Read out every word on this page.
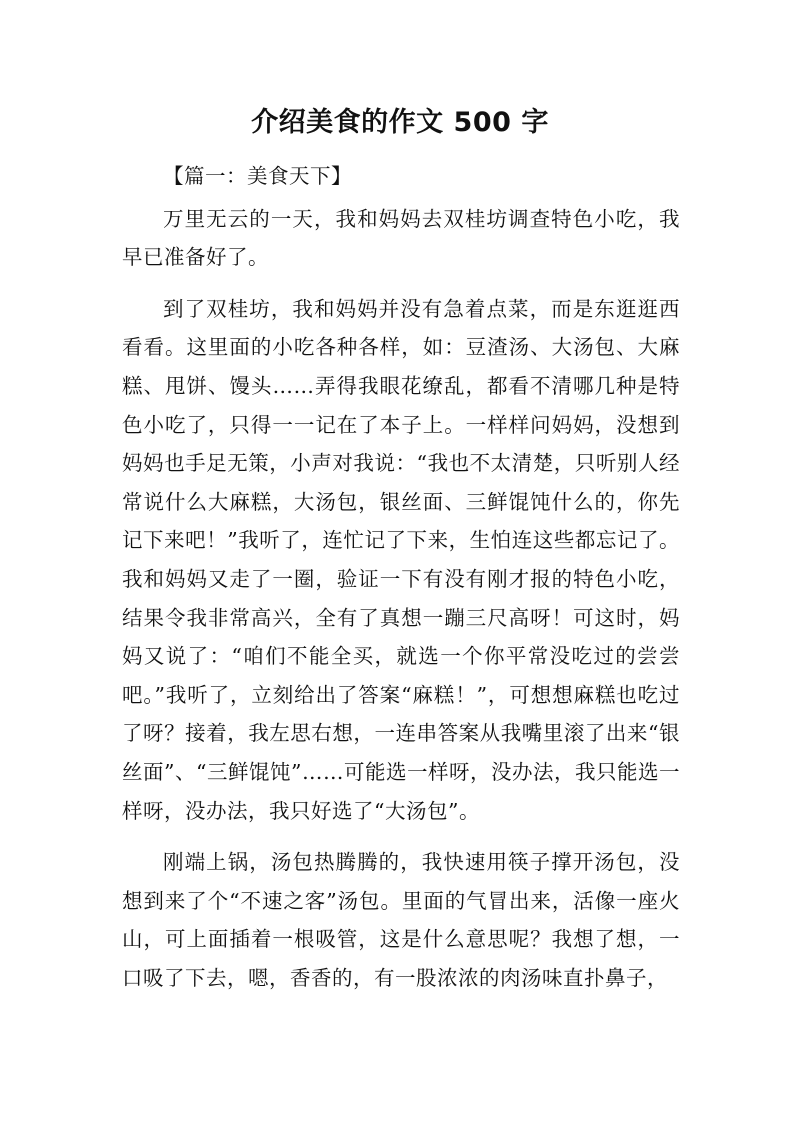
介绍美食的作文 500 字

【篇一：美食天下】

万里无云的一天，我和妈妈去双桂坊调查特色小吃，我早已准备好了。

到了双桂坊，我和妈妈并没有急着点菜，而是东逛逛西看看。这里面的小吃各种各样，如：豆渣汤、大汤包、大麻糕、甩饼、馒头……弄得我眼花缭乱，都看不清哪几种是特色小吃了，只得一一记在了本子上。一样样问妈妈，没想到妈妈也手足无策，小声对我说：“我也不太清楚，只听别人经常说什么大麻糕，大汤包，银丝面、三鲜馄饨什么的，你先记下来吧！”我听了，连忙记了下来，生怕连这些都忘记了。我和妈妈又走了一圈，验证一下有没有刚才报的特色小吃，结果令我非常高兴，全有了真想一蹦三尺高呀！可这时，妈妈又说了：“咱们不能全买，就选一个你平常没吃过的尝尝吧。”我听了，立刻给出了答案“麻糕！”，可想想麻糕也吃过了呀？接着，我左思右想，一连串答案从我嘴里滚了出来“银丝面”、“三鲜馄饨”……可能选一样呀，没办法，我只能选一样呀，没办法，我只好选了“大汤包”。

刚端上锅，汤包热腾腾的，我快速用筷子撑开汤包，没想到来了个“不速之客”汤包。里面的气冒出来，活像一座火山，可上面插着一根吸管，这是什么意思呢？我想了想，一口吸了下去，嗯，香香的，有一股浓浓的肉汤味直扑鼻子，
